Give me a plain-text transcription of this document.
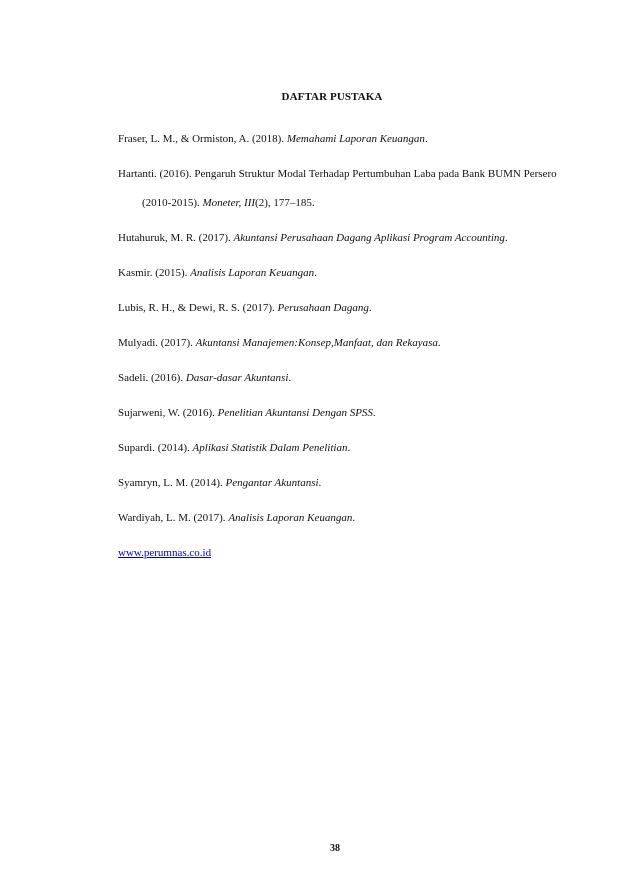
DAFTAR PUSTAKA

Fraser, L. M., & Ormiston, A. (2018). Memahami Laporan Keuangan.

Hartanti. (2016). Pengaruh Struktur Modal Terhadap Pertumbuhan Laba pada Bank BUMN Persero (2010-2015). Moneter, III(2), 177–185.

Hutahuruk, M. R. (2017). Akuntansi Perusahaan Dagang Aplikasi Program Accounting.

Kasmir. (2015). Analisis Laporan Keuangan.

Lubis, R. H., & Dewi, R. S. (2017). Perusahaan Dagang.

Mulyadi. (2017). Akuntansi Manajemen:Konsep,Manfaat, dan Rekayasa.

Sadeli. (2016). Dasar-dasar Akuntansi.

Sujarweni, W. (2016). Penelitian Akuntansi Dengan SPSS.

Supardi. (2014). Aplikasi Statistik Dalam Penelitian.

Syamryn, L. M. (2014). Pengantar Akuntansi.

Wardiyah, L. M. (2017). Analisis Laporan Keuangan.

www.perumnas.co.id

38
